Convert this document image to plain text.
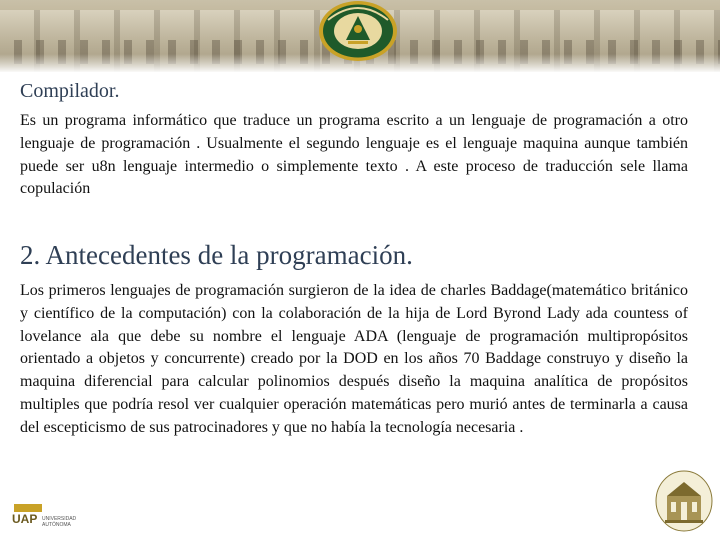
Compilador.

Es un programa informático que traduce un programa escrito a un lenguaje de programación a otro lenguaje de programación . Usualmente el segundo lenguaje es el lenguaje maquina aunque también puede ser u8n lenguaje intermedio o simplemente texto . A este proceso de traducción sele llama copulación

2. Antecedentes de la programación.

Los primeros lenguajes de programación surgieron de la idea de charles Baddage(matemático británico y científico de la computación) con la colaboración de la hija de Lord Byrond Lady ada countess of lovelance ala que debe su nombre el lenguaje ADA (lenguaje de programación multipropósitos orientado a objetos y concurrente) creado por la DOD en los años 70 Baddage construyo y diseño la maquina diferencial para calcular polinomios después diseño la maquina analítica de propósitos multiples que podría resol ver cualquier operación matemáticas pero murió antes de terminarla a causa del escepticismo de sus patrocinadores y que no había la tecnología necesaria .

UAP UNIVERSIDAD AUTÓNOMA
